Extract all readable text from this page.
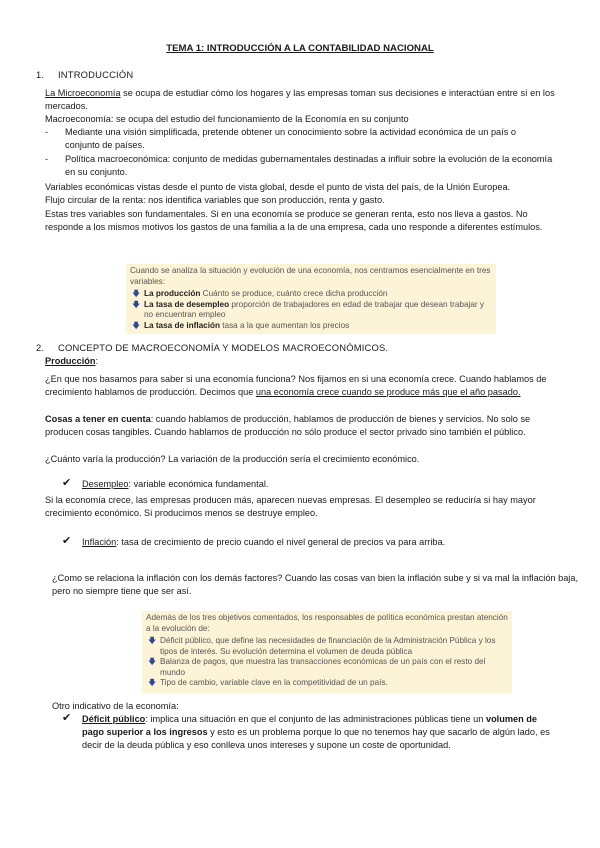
TEMA 1: INTRODUCCIÓN A LA CONTABILIDAD NACIONAL
1. INTRODUCCIÓN
La Microeconomía se ocupa de estudiar cómo los hogares y las empresas toman sus decisiones e interactúan entre sí en los mercados.
Macroeconomía: se ocupa del estudio del funcionamiento de la Economía en su conjunto
- Mediante una visión simplificada, pretende obtener un conocimiento sobre la actividad económica de un país o conjunto de países.
- Política macroeconómica: conjunto de medidas gubernamentales destinadas a influir sobre la evolución de la economía en su conjunto.
Variables económicas vistas desde el punto de vista global, desde el punto de vista del país, de la Unión Europea.
Flujo circular de la renta: nos identifica variables que son producción, renta y gasto.
Estas tres variables son fundamentales. Si en una economía se produce se generan renta, esto nos lleva a gastos. No responde a los mismos motivos los gastos de una familia a la de una empresa, cada uno responde a diferentes estímulos.
Cuando se analiza la situación y evolución de una economía, nos centramos esencialmente en tres variables:
🡇 La producción Cuánto se produce, cuánto crece dicha producción
🡇 La tasa de desempleo proporción de trabajadores en edad de trabajar que desean trabajar y no encuentran empleo
🡇 La tasa de inflación tasa a la que aumentan los precios
2. CONCEPTO DE MACROECONOMÍA Y MODELOS MACROECONÓMICOS.
Producción:
¿En que nos basamos para saber si una economía funciona? Nos fijamos en si una economía crece. Cuando hablamos de crecimiento hablamos de producción. Decimos que una economía crece cuando se produce más que el año pasado.
Cosas a tener en cuenta: cuando hablamos de producción, hablamos de producción de bienes y servicios. No solo se producen cosas tangibles. Cuando hablamos de producción no sólo produce el sector privado sino también el público.
¿Cuánto varía la producción? La variación de la producción sería el crecimiento económico.
✔ Desempleo: variable económica fundamental.
Si la economía crece, las empresas producen más, aparecen nuevas empresas. El desempleo se reduciría si hay mayor crecimiento económico. Si producimos menos se destruye empleo.
✔ Inflación: tasa de crecimiento de precio cuando el nivel general de precios va para arriba.
¿Como se relaciona la inflación con los demás factores? Cuando las cosas van bien la inflación sube y si va mal la inflación baja, pero no siempre tiene que ser así.
Además de los tres objetivos comentados, los responsables de política económica prestan atención a la evolución de:
🡇 Déficit público, que define las necesidades de financiación de la Administración Pública y los tipos de interés. Su evolución determina el volumen de deuda pública
🡇 Balanza de pagos, que muestra las transacciones económicas de un país con el resto del mundo
🡇 Tipo de cambio, variable clave en la competitividad de un país.
Otro indicativo de la economía:
✔ Déficit público: implica una situación en que el conjunto de las administraciones públicas tiene un volumen de pago superior a los ingresos y esto es un problema porque lo que no tenemos hay que sacarlo de algún lado, es decir de la deuda pública y eso conlleva unos intereses y supone un coste de oportunidad.
